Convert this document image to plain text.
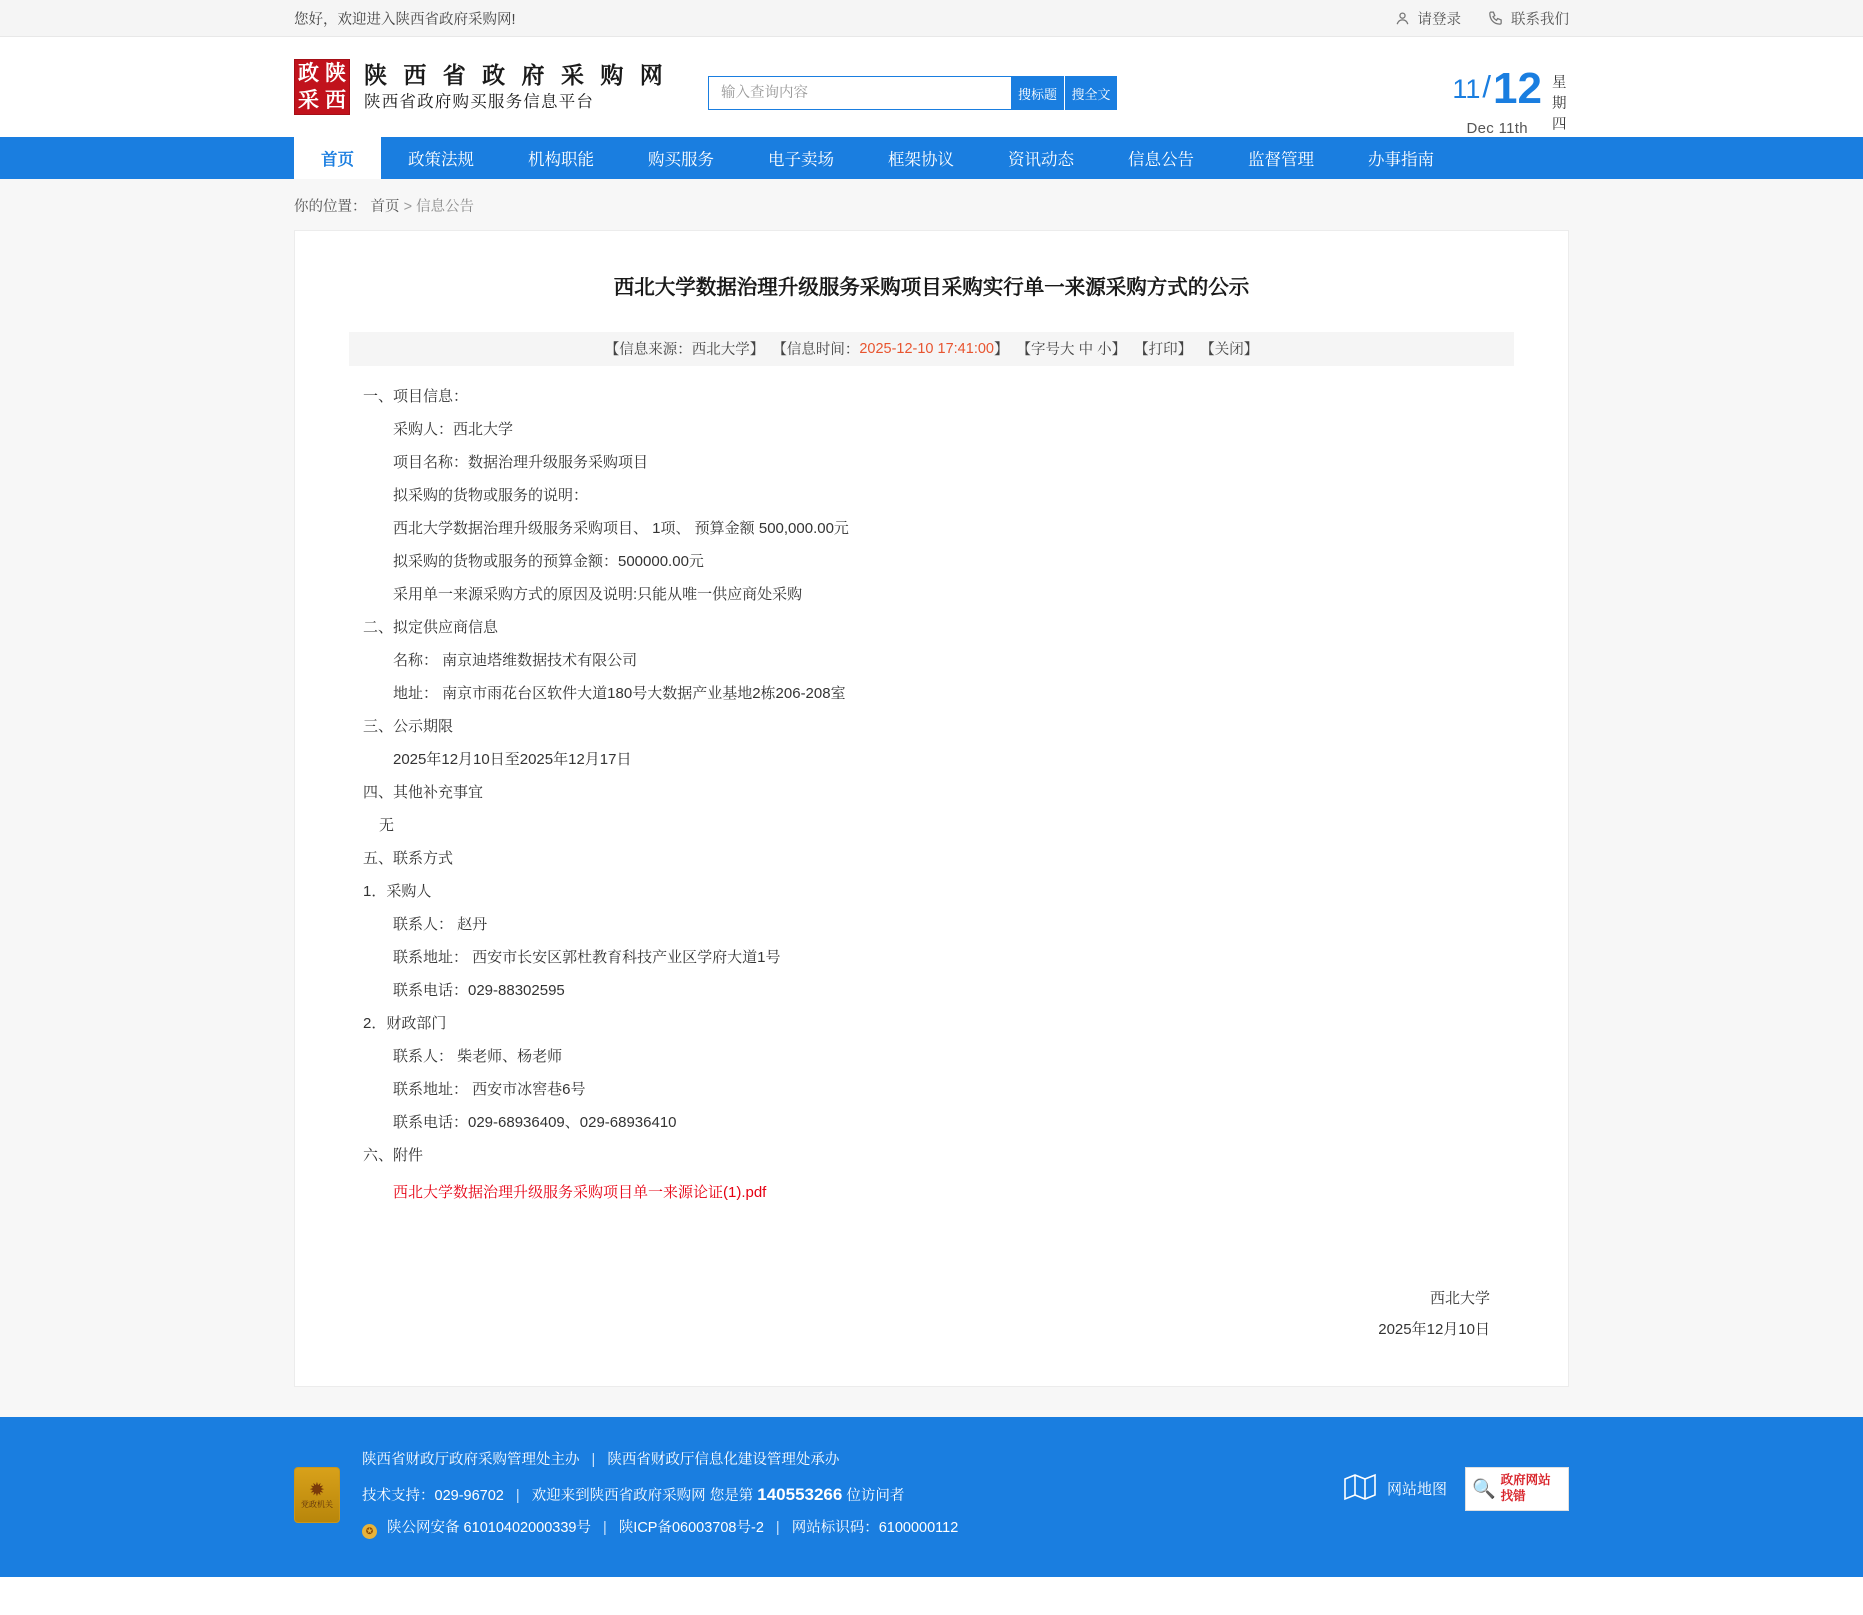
您好，欢迎进入陕西省政府采购网!	请登录	联系我们
政 陕
采 西
陕 西 省 政 府 采 购 网
陕西省政府购买服务信息平台
输入查询内容	搜标题	搜全文	11 / 12
Dec 11th
星期四
首页	政策法规	机构职能	购买服务	电子卖场	框架协议	资讯动态	信息公告	监督管理	办事指南
你的位置： 首页 > 信息公告
西北大学数据治理升级服务采购项目采购实行单一来源采购方式的公示
【信息来源： 西北大学】
【信息时间： 2025-12-10 17:41:00 】
【字号 大
中
小 】
【打印】
【关闭】
一、项目信息：
采购人：西北大学
项目名称：数据治理升级服务采购项目
拟采购的货物或服务的说明：
西北大学数据治理升级服务采购项目、 1项、 预算金额 500,000.00元
拟采购的货物或服务的预算金额：500000.00元
采用单一来源采购方式的原因及说明:只能从唯一供应商处采购
二、拟定供应商信息
名称： 南京迪塔维数据技术有限公司
地址： 南京市雨花台区软件大道180号大数据产业基地2栋206-208室
三、公示期限
2025年12月10日至2025年12月17日
四、其他补充事宜
无
五、联系方式
1．采购人
联系人： 赵丹
联系地址： 西安市长安区郭杜教育科技产业区学府大道1号
联系电话：029-88302595
2．财政部门
联系人： 柴老师、杨老师
联系地址： 西安市冰窖巷6号
联系电话：029-68936409、029-68936410
六、附件
西北大学数据治理升级服务采购项目单一来源论证(1).pdf
西北大学
2025年12月10日
✹
党政机关
陕西省财政厅政府采购管理处主办 | 陕西省财政厅信息化建设管理处承办
技术支持：029-96702 | 欢迎来到陕西省政府采购网 您是第 140553266 位访问者
✪ 陕公网安备 61010402000339号 | 陕ICP备06003708号-2 | 网站标识码：6100000112
网站地图 🔍 政府网站
找错
